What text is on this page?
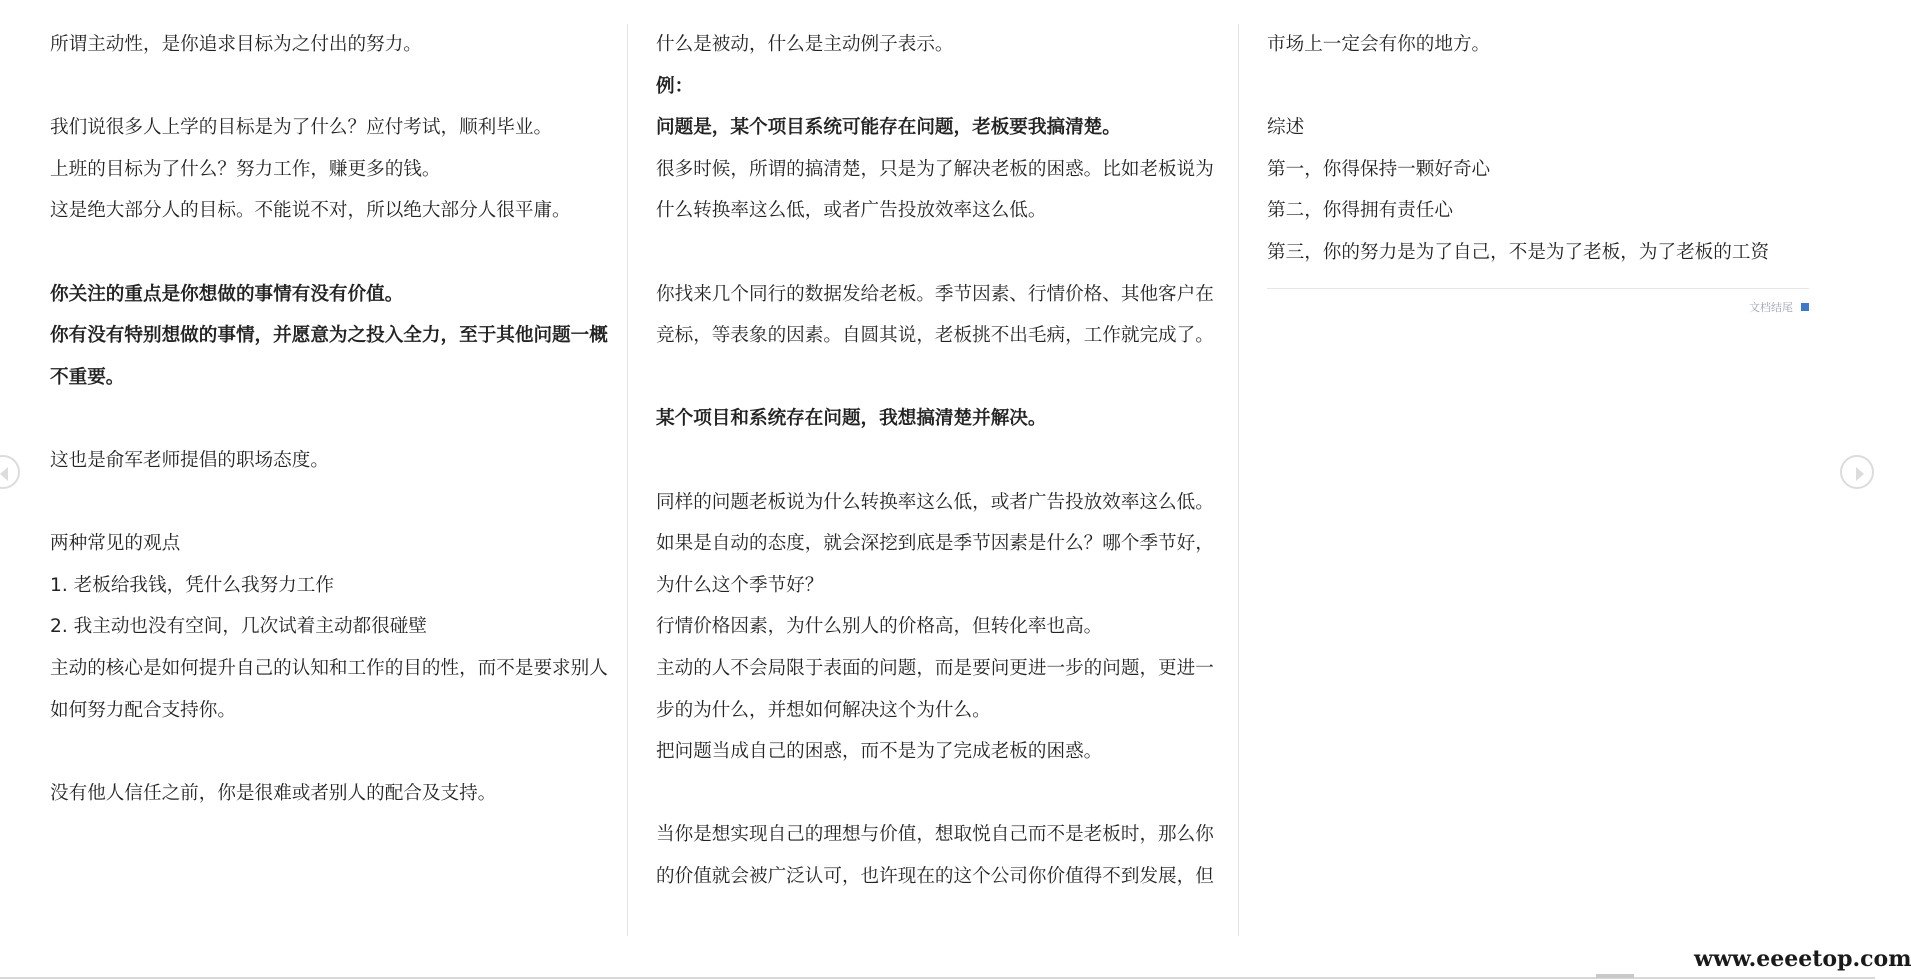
所谓主动性，是你追求目标为之付出的努力。

我们说很多人上学的目标是为了什么？应付考试，顺利毕业。

上班的目标为了什么？努力工作，赚更多的钱。

这是绝大部分人的目标。不能说不对，所以绝大部分人很平庸。

你关注的重点是你想做的事情有没有价值。

你有没有特别想做的事情，并愿意为之投入全力，至于其他问题一概

不重要。

这也是俞军老师提倡的职场态度。

两种常见的观点

1. 老板给我钱，凭什么我努力工作

2. 我主动也没有空间，几次试着主动都很碰壁

主动的核心是如何提升自己的认知和工作的目的性，而不是要求别人

如何努力配合支持你。

没有他人信任之前，你是很难或者别人的配合及支持。

什么是被动，什么是主动例子表示。

例：

问题是，某个项目系统可能存在问题，老板要我搞清楚。

很多时候，所谓的搞清楚，只是为了解决老板的困惑。比如老板说为

什么转换率这么低，或者广告投放效率这么低。

你找来几个同行的数据发给老板。季节因素、行情价格、其他客户在

竞标，等表象的因素。自圆其说，老板挑不出毛病，工作就完成了。

某个项目和系统存在问题，我想搞清楚并解决。

同样的问题老板说为什么转换率这么低，或者广告投放效率这么低。

如果是自动的态度，就会深挖到底是季节因素是什么？哪个季节好，

为什么这个季节好？

行情价格因素，为什么别人的价格高，但转化率也高。

主动的人不会局限于表面的问题，而是要问更进一步的问题，更进一

步的为什么，并想如何解决这个为什么。

把问题当成自己的困惑，而不是为了完成老板的困惑。

当你是想实现自己的理想与价值，想取悦自己而不是老板时，那么你

的价值就会被广泛认可，也许现在的这个公司你价值得不到发展，但

市场上一定会有你的地方。

综述

第一，你得保持一颗好奇心

第二，你得拥有责任心

第三，你的努力是为了自己，不是为了老板，为了老板的工资

文档结尾
www.eeeetop.com
